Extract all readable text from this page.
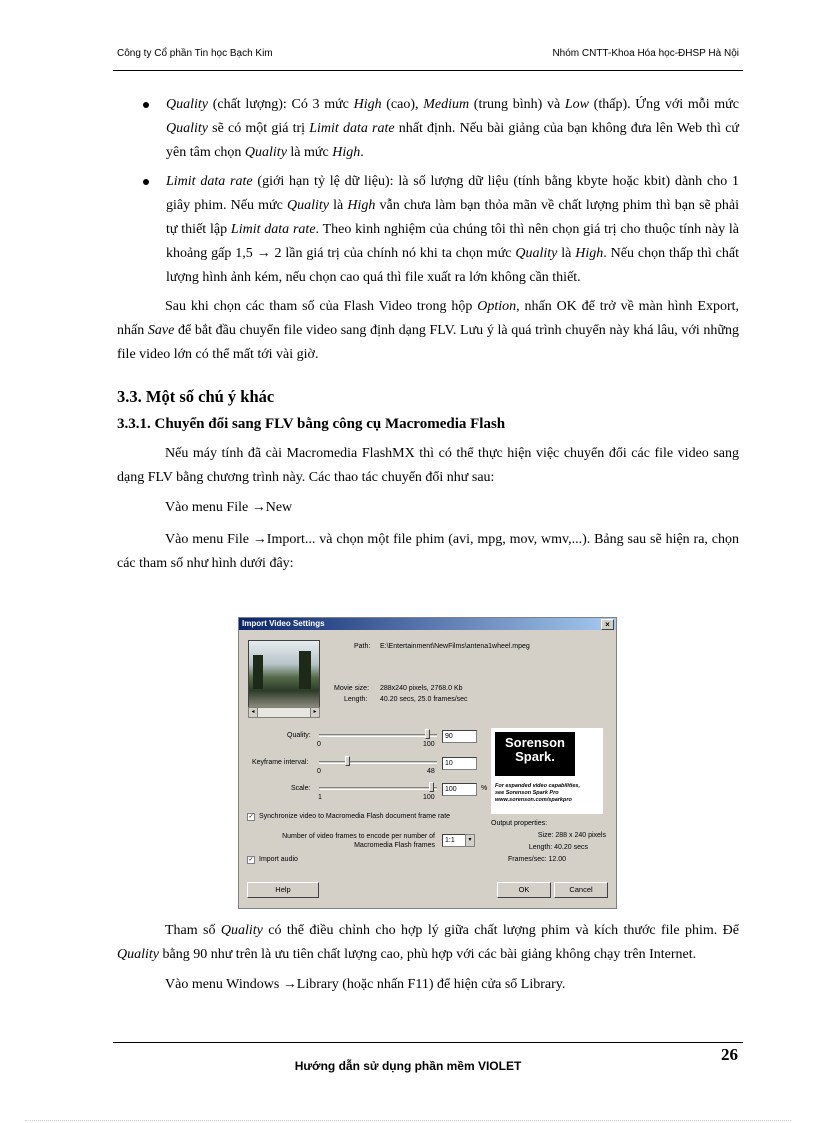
Công ty Cổ phần Tin học Bạch Kim	Nhóm CNTT-Khoa Hóa học-ĐHSP Hà Nội
Quality (chất lượng): Có 3 mức High (cao), Medium (trung bình) và Low (thấp). Ứng với mỗi mức Quality sẽ có một giá trị Limit data rate nhất định. Nếu bài giảng của bạn không đưa lên Web thì cứ yên tâm chọn Quality là mức High.
Limit data rate (giới hạn tỷ lệ dữ liệu): là số lượng dữ liệu (tính bằng kbyte hoặc kbit) dành cho 1 giây phim. Nếu mức Quality là High vẫn chưa làm bạn thỏa mãn về chất lượng phim thì bạn sẽ phải tự thiết lập Limit data rate. Theo kinh nghiệm của chúng tôi thì nên chọn giá trị cho thuộc tính này là khoảng gấp 1,5 → 2 lần giá trị của chính nó khi ta chọn mức Quality là High. Nếu chọn thấp thì chất lượng hình ảnh kém, nếu chọn cao quá thì file xuất ra lớn không cần thiết.

Sau khi chọn các tham số của Flash Video trong hộp Option, nhấn OK để trở về màn hình Export, nhấn Save để bắt đầu chuyển file video sang định dạng FLV. Lưu ý là quá trình chuyển này khá lâu, với những file video lớn có thể mất tới vài giờ.

3.3. Một số chú ý khác
3.3.1. Chuyển đổi sang FLV bằng công cụ Macromedia Flash

Nếu máy tính đã cài Macromedia FlashMX thì có thể thực hiện việc chuyển đổi các file video sang dạng FLV bằng chương trình này. Các thao tác chuyển đổi như sau:

Vào menu File →New

Vào menu File →Import... và chọn một file phim (avi, mpg, mov, wmv,...). Bảng sau sẽ hiện ra, chọn các tham số như hình dưới đây:

Import Video Settings	×
◂	▸
Path: E:\Entertainment\NewFilms\antena1wheel.mpeg
Movie size: 288x240 pixels, 2768.0 Kb
Length: 40.20 secs, 25.0 frames/sec
Quality:
0	100
90
Keyframe interval:
0	48
10
Scale:
1	100
100	%
✓ Synchronize video to Macromedia Flash document frame rate
Number of video frames to encode per number of Macromedia Flash frames
1:1	▾
✓ Import audio
Sorenson
Spark.
For expanded video capabilities,
see Sorenson Spark Pro
www.sorenson.com/sparkpro
Output properties:
Size: 288 x 240 pixels
Length: 40.20 secs
Frames/sec: 12.00
Help	OK	Cancel

Tham số Quality có thể điều chỉnh cho hợp lý giữa chất lượng phim và kích thước file phim. Để Quality bằng 90 như trên là ưu tiên chất lượng cao, phù hợp với các bài giảng không chạy trên Internet.

Vào menu Windows →Library (hoặc nhấn F11) để hiện cửa sổ Library.

26
Hướng dẫn sử dụng phần mềm VIOLET
